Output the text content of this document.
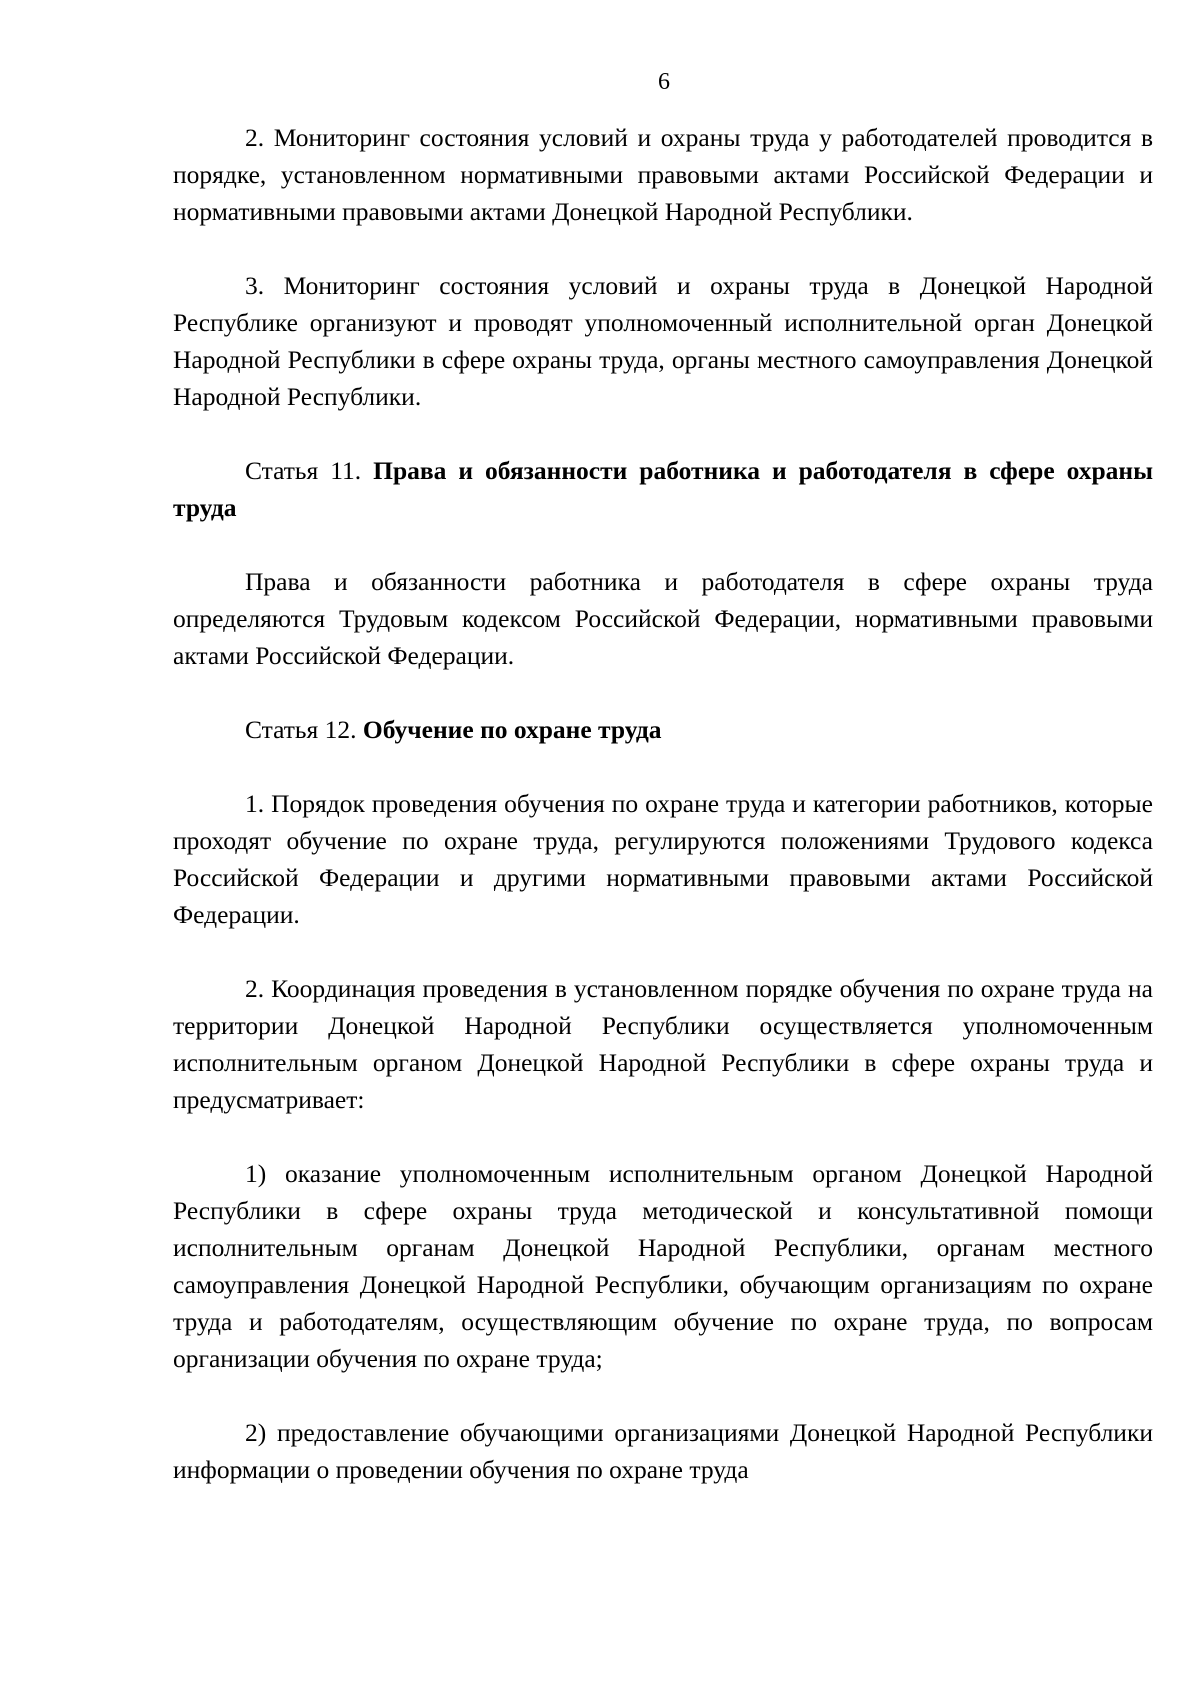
6

2. Мониторинг состояния условий и охраны труда у работодателей проводится в порядке, установленном нормативными правовыми актами Российской Федерации и нормативными правовыми актами Донецкой Народной Республики.

3. Мониторинг состояния условий и охраны труда в Донецкой Народной Республике организуют и проводят уполномоченный исполнительной орган Донецкой Народной Республики в сфере охраны труда, органы местного самоуправления Донецкой Народной Республики.

Статья 11. Права и обязанности работника и работодателя в сфере охраны труда

Права и обязанности работника и работодателя в сфере охраны труда определяются Трудовым кодексом Российской Федерации, нормативными правовыми актами Российской Федерации.

Статья 12. Обучение по охране труда

1. Порядок проведения обучения по охране труда и категории работников, которые проходят обучение по охране труда, регулируются положениями Трудового кодекса Российской Федерации и другими нормативными правовыми актами Российской Федерации.

2. Координация проведения в установленном порядке обучения по охране труда на территории Донецкой Народной Республики осуществляется уполномоченным исполнительным органом Донецкой Народной Республики в сфере охраны труда и предусматривает:

1) оказание уполномоченным исполнительным органом Донецкой Народной Республики в сфере охраны труда методической и консультативной помощи исполнительным органам Донецкой Народной Республики, органам местного самоуправления Донецкой Народной Республики, обучающим организациям по охране труда и работодателям, осуществляющим обучение по охране труда, по вопросам организации обучения по охране труда;

2) предоставление обучающими организациями Донецкой Народной Республики информации о проведении обучения по охране труда
